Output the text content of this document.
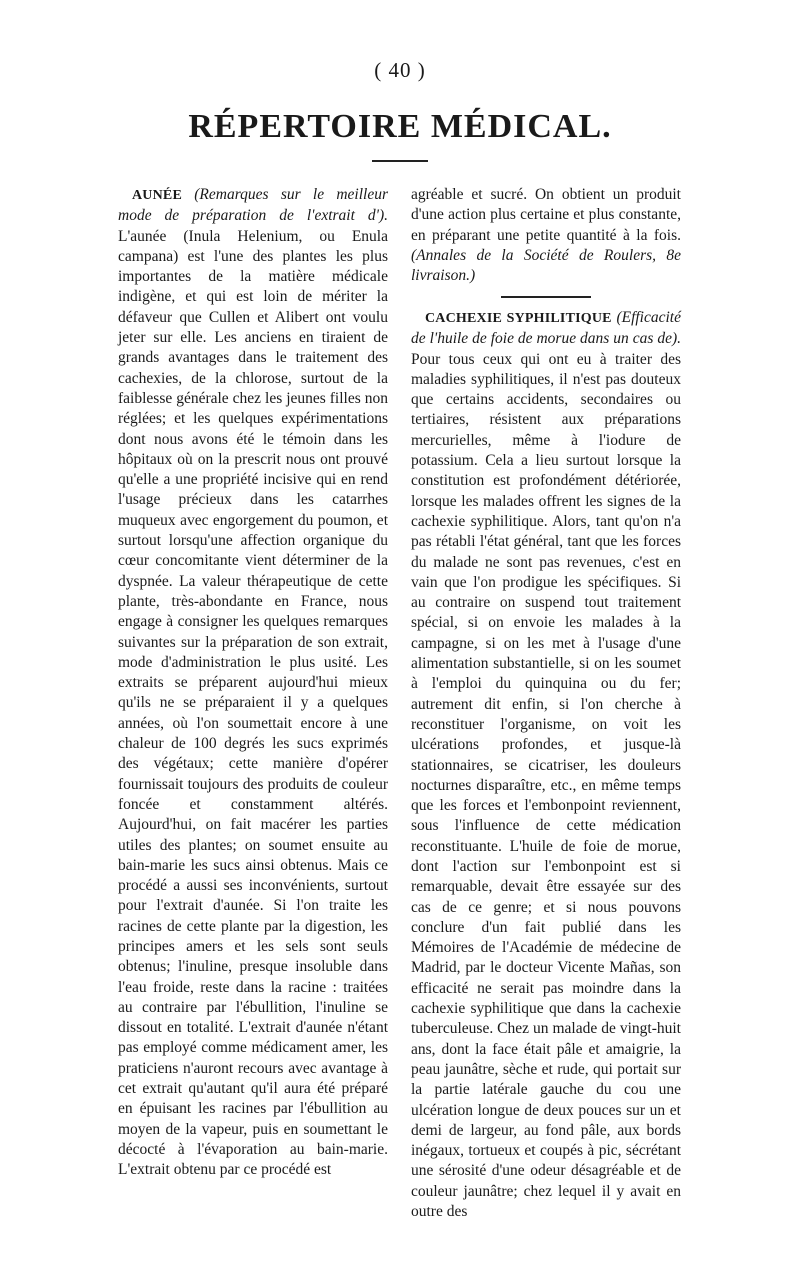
( 40 )
RÉPERTOIRE MÉDICAL.

AUNÉE (Remarques sur le meilleur mode de préparation de l'extrait d'). L'aunée (Inula Helenium, ou Enula campana) est l'une des plantes les plus importantes de la matière médicale indigène, et qui est loin de mériter la défaveur que Cullen et Alibert ont voulu jeter sur elle. Les anciens en tiraient de grands avantages dans le traitement des cachexies, de la chlorose, surtout de la faiblesse générale chez les jeunes filles non réglées; et les quelques expérimentations dont nous avons été le témoin dans les hôpitaux où on la prescrit nous ont prouvé qu'elle a une propriété incisive qui en rend l'usage précieux dans les catarrhes muqueux avec engorgement du poumon, et surtout lorsqu'une affection organique du cœur concomitante vient déterminer de la dyspnée. La valeur thérapeutique de cette plante, très-abondante en France, nous engage à consigner les quelques remarques suivantes sur la préparation de son extrait, mode d'administration le plus usité. Les extraits se préparent aujourd'hui mieux qu'ils ne se préparaient il y a quelques années, où l'on soumettait encore à une chaleur de 100 degrés les sucs exprimés des végétaux; cette manière d'opérer fournissait toujours des produits de couleur foncée et constamment altérés. Aujourd'hui, on fait macérer les parties utiles des plantes; on soumet ensuite au bain-marie les sucs ainsi obtenus. Mais ce procédé a aussi ses inconvénients, surtout pour l'extrait d'aunée. Si l'on traite les racines de cette plante par la digestion, les principes amers et les sels sont seuls obtenus; l'inuline, presque insoluble dans l'eau froide, reste dans la racine : traitées au contraire par l'ébullition, l'inuline se dissout en totalité. L'extrait d'aunée n'étant pas employé comme médicament amer, les praticiens n'auront recours avec avantage à cet extrait qu'autant qu'il aura été préparé en épuisant les racines par l'ébullition au moyen de la vapeur, puis en soumettant le décocté à l'évaporation au bain-marie. L'extrait obtenu par ce procédé est

agréable et sucré. On obtient un produit d'une action plus certaine et plus constante, en préparant une petite quantité à la fois. (Annales de la Société de Roulers, 8e livraison.)

CACHEXIE SYPHILITIQUE (Efficacité de l'huile de foie de morue dans un cas de). Pour tous ceux qui ont eu à traiter des maladies syphilitiques, il n'est pas douteux que certains accidents, secondaires ou tertiaires, résistent aux préparations mercurielles, même à l'iodure de potassium. Cela a lieu surtout lorsque la constitution est profondément détériorée, lorsque les malades offrent les signes de la cachexie syphilitique. Alors, tant qu'on n'a pas rétabli l'état général, tant que les forces du malade ne sont pas revenues, c'est en vain que l'on prodigue les spécifiques. Si au contraire on suspend tout traitement spécial, si on envoie les malades à la campagne, si on les met à l'usage d'une alimentation substantielle, si on les soumet à l'emploi du quinquina ou du fer; autrement dit enfin, si l'on cherche à reconstituer l'organisme, on voit les ulcérations profondes, et jusque-là stationnaires, se cicatriser, les douleurs nocturnes disparaître, etc., en même temps que les forces et l'embonpoint reviennent, sous l'influence de cette médication reconstituante. L'huile de foie de morue, dont l'action sur l'embonpoint est si remarquable, devait être essayée sur des cas de ce genre; et si nous pouvons conclure d'un fait publié dans les Mémoires de l'Académie de médecine de Madrid, par le docteur Vicente Mañas, son efficacité ne serait pas moindre dans la cachexie syphilitique que dans la cachexie tuberculeuse. Chez un malade de vingt-huit ans, dont la face était pâle et amaigrie, la peau jaunâtre, sèche et rude, qui portait sur la partie latérale gauche du cou une ulcération longue de deux pouces sur un et demi de largeur, au fond pâle, aux bords inégaux, tortueux et coupés à pic, sécrétant une sérosité d'une odeur désagréable et de couleur jaunâtre; chez lequel il y avait en outre des
